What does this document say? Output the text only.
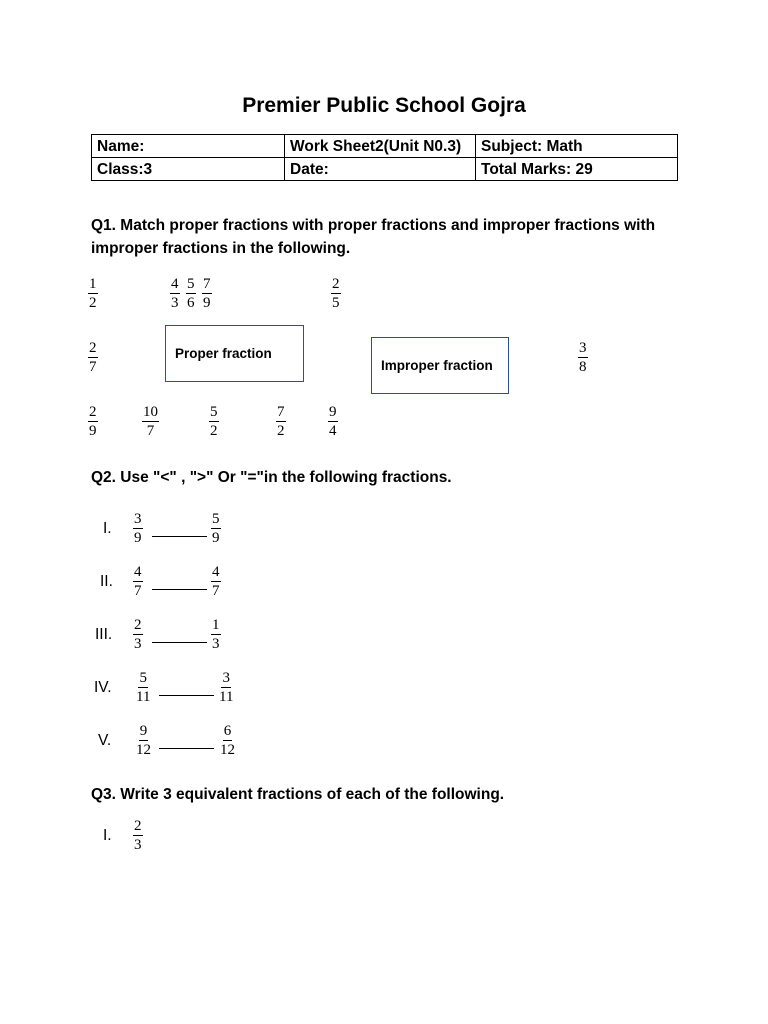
Premier Public School Gojra
Name:	Work Sheet2(Unit N0.3)	Subject: Math
Class:3	Date:	Total Marks: 29
Q1. Match proper fractions with proper fractions and improper fractions with
improper fractions in the following.
$\frac{1}{2}$	$\frac{4}{3} \frac{5}{6} \frac{7}{9}$	$\frac{2}{5}$
$\frac{2}{7}$	Proper fraction
Improper fraction	$\frac{3}{8}$
$\frac{2}{9}$	$\frac{10}{7}$	$\frac{5}{2}$	$\frac{7}{2}$	$\frac{9}{4}$
Q2. Use "<" , ">" Or "="in the following fractions.
I. $\frac{3}{9}$	$\frac{5}{9}$
II. $\frac{4}{7}$	$\frac{4}{7}$
III. $\frac{2}{3}$	$\frac{1}{3}$
IV. $\frac{5}{11}$	$\frac{3}{11}$
V. $\frac{9}{12}$	$\frac{6}{12}$
Q3. Write 3 equivalent fractions of each of the following.
I. $\frac{2}{3}$
